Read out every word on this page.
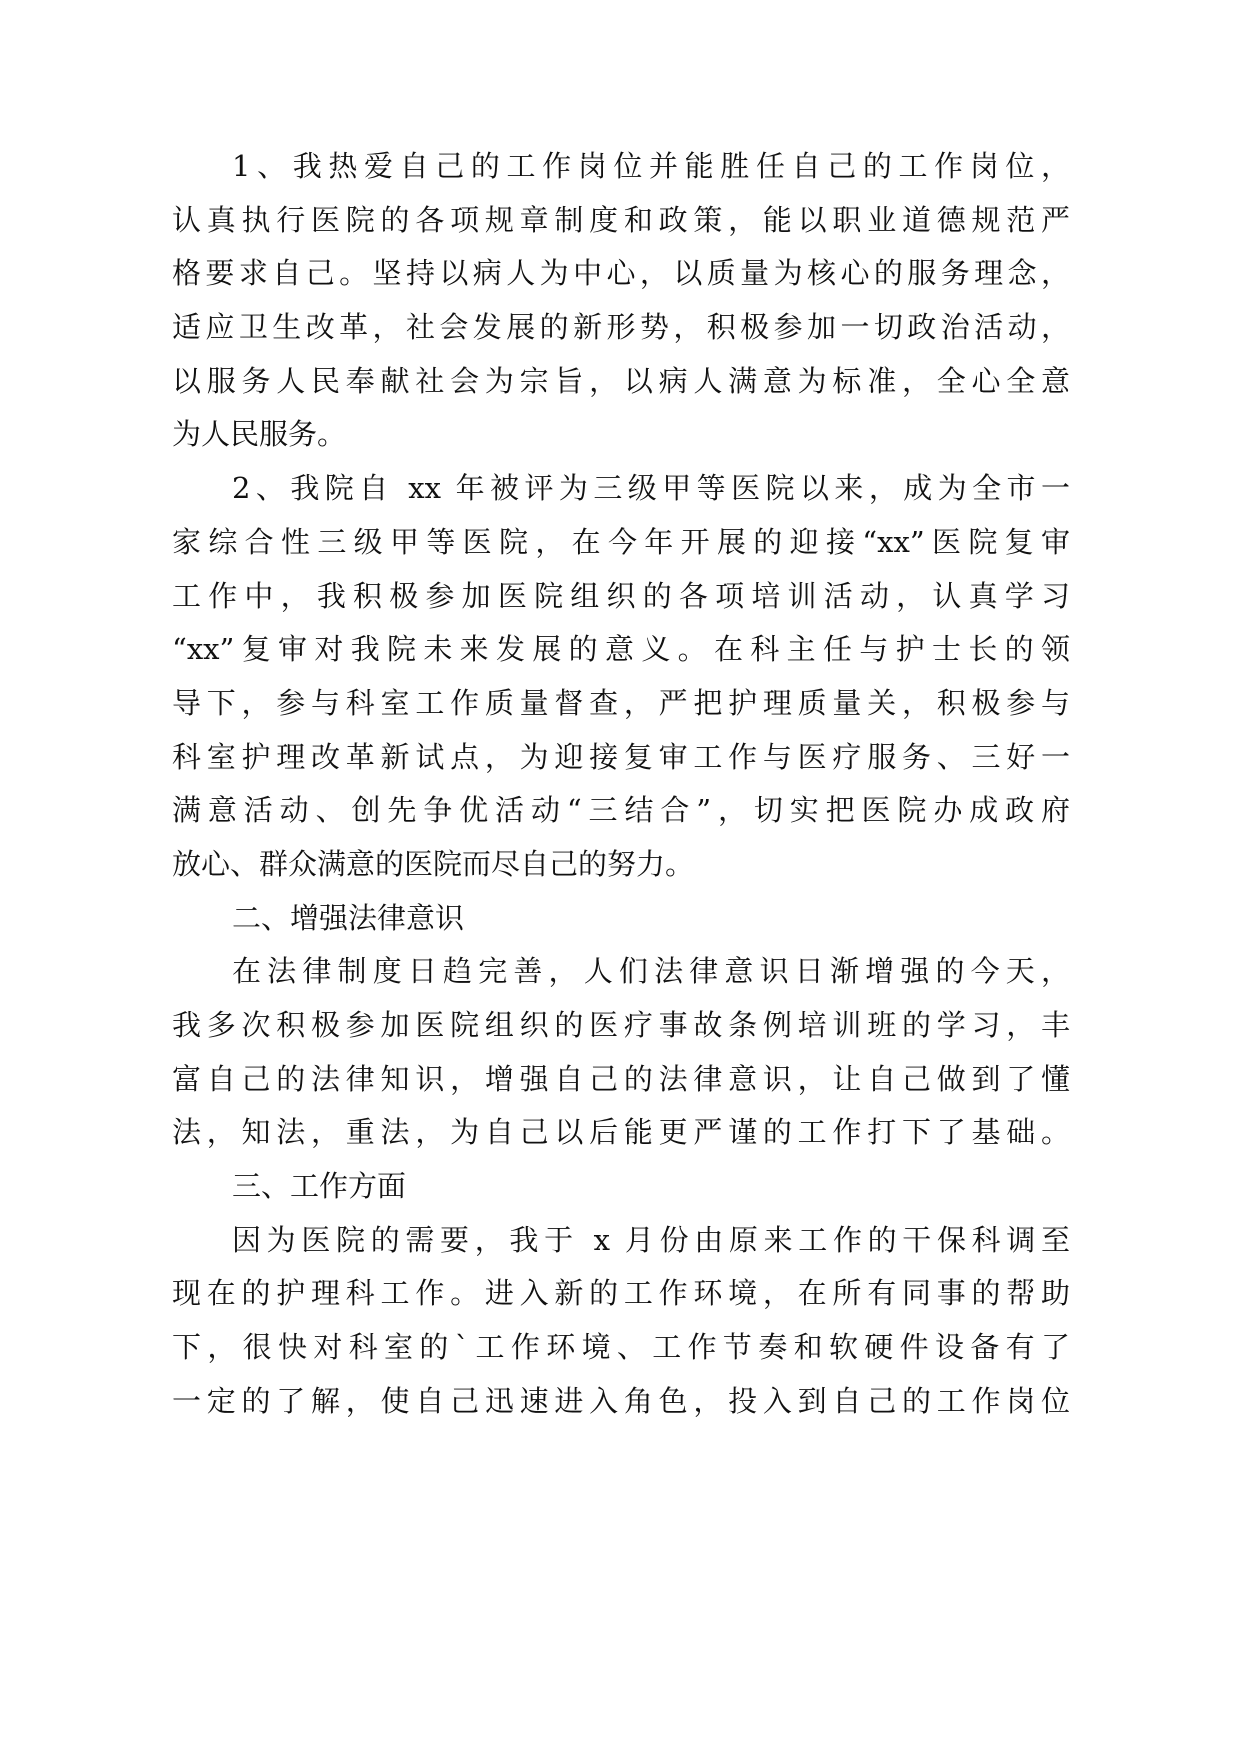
1、我热爱自己的工作岗位并能胜任自己的工作岗位，
认真执行医院的各项规章制度和政策，能以职业道德规范严
格要求自己。坚持以病人为中心，以质量为核心的服务理念，
适应卫生改革，社会发展的新形势，积极参加一切政治活动，
以服务人民奉献社会为宗旨，以病人满意为标准，全心全意
为人民服务。
2、我院自 xx 年被评为三级甲等医院以来，成为全市一
家综合性三级甲等医院，在今年开展的迎接“xx”医院复审
工作中，我积极参加医院组织的各项培训活动，认真学习
“xx”复审对我院未来发展的意义。在科主任与护士长的领
导下，参与科室工作质量督查，严把护理质量关，积极参与
科室护理改革新试点，为迎接复审工作与医疗服务、三好一
满意活动、创先争优活动“三结合”，切实把医院办成政府
放心、群众满意的医院而尽自己的努力。
二、增强法律意识
在法律制度日趋完善，人们法律意识日渐增强的今天，
我多次积极参加医院组织的医疗事故条例培训班的学习，丰
富自己的法律知识，增强自己的法律意识，让自己做到了懂
法，知法，重法，为自己以后能更严谨的工作打下了基础。
三、工作方面
因为医院的需要，我于 x 月份由原来工作的干保科调至
现在的护理科工作。进入新的工作环境，在所有同事的帮助
下，很快对科室的`工作环境、工作节奏和软硬件设备有了
一定的了解，使自己迅速进入角色，投入到自己的工作岗位
